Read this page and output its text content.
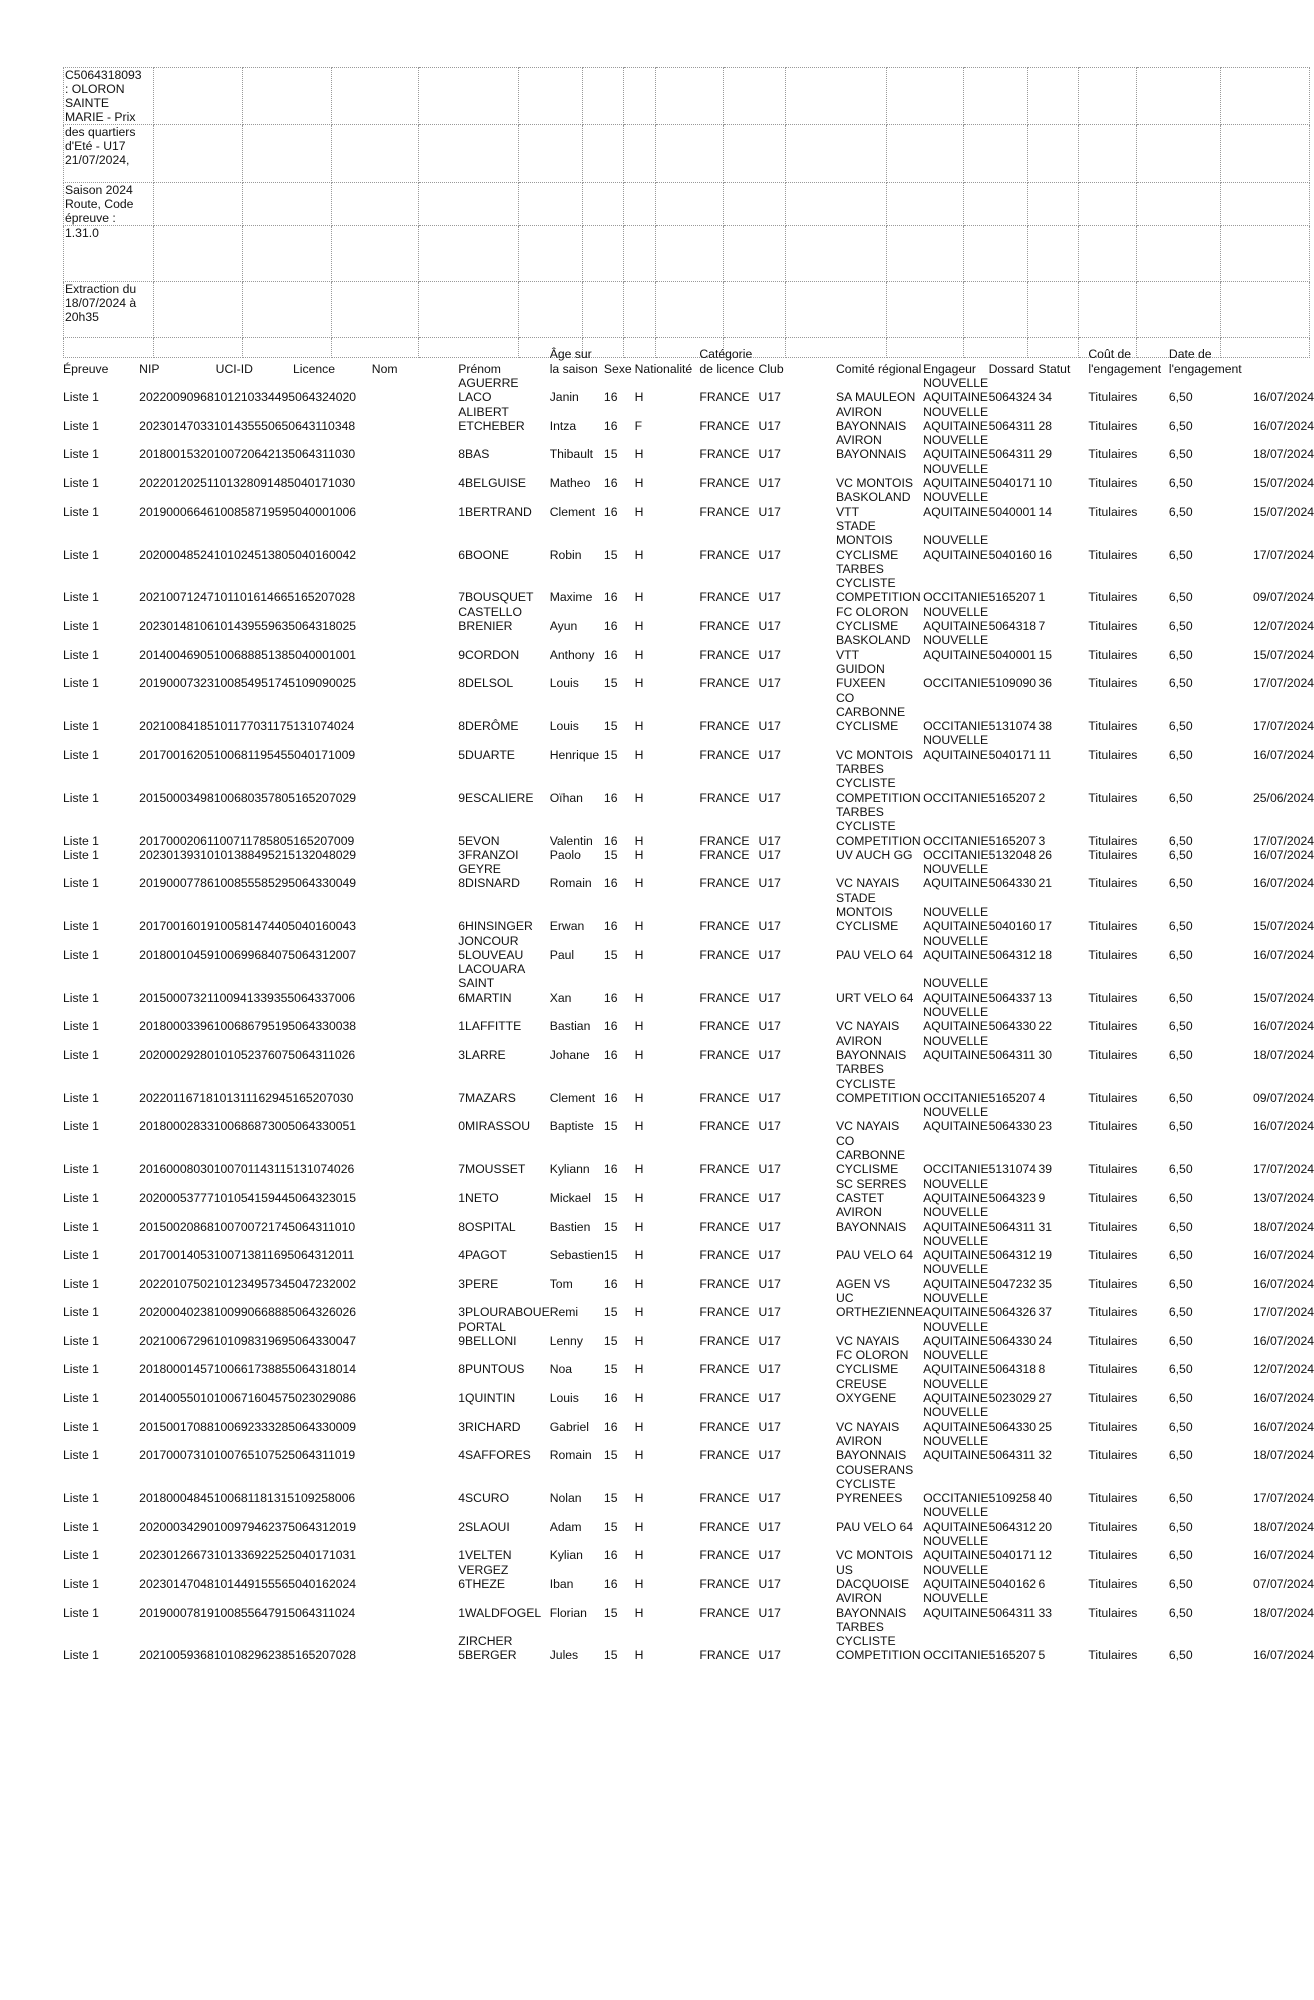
C5064318093
: OLORON
SAINTE
MARIE - Prix																

des quartiers
d'Eté - U17
21/07/2024,																

Saison 2024
Route, Code
épreuve :																

1.31.0																

Extraction du
18/07/2024 à
20h35																

Épreuve	NIP	UCI-ID	Licence	Nom	Prénom	Âge sur la saison	Sexe	Nationalité	Catégorie de licence	Club	Comité régional	Engageur	Dossard	Statut	Coût de l'engagement	Date de l'engagement	
Liste 1	20220090968101210334495064324020				AGUERRE LACO	Janin	16	H	FRANCE	U17	SA MAULEON	NOUVELLE AQUITAINE	5064324	34	Titulaires	6,50	16/07/2024
Liste 1	20230147033101435550650643110348				ALIBERT ETCHEBER	Intza	16	F	FRANCE	U17	AVIRON BAYONNAIS	NOUVELLE AQUITAINE	5064311	28	Titulaires	6,50	16/07/2024
Liste 1	20180015320100720642135064311030				8BAS	Thibault	15	H	FRANCE	U17	AVIRON BAYONNAIS	NOUVELLE AQUITAINE	5064311	29	Titulaires	6,50	18/07/2024
Liste 1	20220120251101328091485040171030				4BELGUISE	Matheo	16	H	FRANCE	U17	VC MONTOIS	NOUVELLE AQUITAINE	5040171	10	Titulaires	6,50	15/07/2024
Liste 1	20190006646100858719595040001006				1BERTRAND	Clement	16	H	FRANCE	U17	BASKOLAND VTT	NOUVELLE AQUITAINE	5040001	14	Titulaires	6,50	15/07/2024
Liste 1	20200048524101024513805040160042				6BOONE	Robin	15	H	FRANCE	U17	STADE MONTOIS CYCLISME	NOUVELLE AQUITAINE	5040160	16	Titulaires	6,50	17/07/2024
Liste 1	20210071247101101614665165207028				7BOUSQUET	Maxime	16	H	FRANCE	U17	TARBES CYCLISTE COMPETITION	OCCITANIE	5165207	1	Titulaires	6,50	09/07/2024
Liste 1	20230148106101439559635064318025				CASTELLO BRENIER	Ayun	16	H	FRANCE	U17	FC OLORON CYCLISME	NOUVELLE AQUITAINE	5064318	7	Titulaires	6,50	12/07/2024
Liste 1	20140046905100688851385040001001				9CORDON	Anthony	16	H	FRANCE	U17	BASKOLAND VTT	NOUVELLE AQUITAINE	5040001	15	Titulaires	6,50	15/07/2024
Liste 1	20190007323100854951745109090025				8DELSOL	Louis	15	H	FRANCE	U17	GUIDON FUXEEN	OCCITANIE	5109090	36	Titulaires	6,50	17/07/2024
Liste 1	20210084185101177031175131074024				8DERÔME	Louis	15	H	FRANCE	U17	CO CARBONNE CYCLISME	OCCITANIE	5131074	38	Titulaires	6,50	17/07/2024
Liste 1	20170016205100681195455040171009				5DUARTE	Henrique	15	H	FRANCE	U17	VC MONTOIS	NOUVELLE AQUITAINE	5040171	11	Titulaires	6,50	16/07/2024
Liste 1	20150003498100680357805165207029				9ESCALIERE	Oïhan	16	H	FRANCE	U17	TARBES CYCLISTE COMPETITION	OCCITANIE	5165207	2	Titulaires	6,50	25/06/2024
Liste 1	20170002061100711785805165207009				5EVON	Valentin	16	H	FRANCE	U17	TARBES CYCLISTE COMPETITION	OCCITANIE	5165207	3	Titulaires	6,50	17/07/2024
Liste 1	20230139310101388495215132048029				3FRANZOI	Paolo	15	H	FRANCE	U17	UV AUCH GG	OCCITANIE	5132048	26	Titulaires	6,50	16/07/2024
Liste 1	20190007786100855585295064330049				GEYRE 8DISNARD	Romain	16	H	FRANCE	U17	VC NAYAIS	NOUVELLE AQUITAINE	5064330	21	Titulaires	6,50	16/07/2024
Liste 1	20170016019100581474405040160043				6HINSINGER	Erwan	16	H	FRANCE	U17	STADE MONTOIS CYCLISME	NOUVELLE AQUITAINE	5040160	17	Titulaires	6,50	15/07/2024
Liste 1	20180010459100699684075064312007				JONCOUR 5LOUVEAU	Paul	15	H	FRANCE	U17	PAU VELO 64	NOUVELLE AQUITAINE	5064312	18	Titulaires	6,50	16/07/2024
Liste 1	20150007321100941339355064337006				LACOUARA SAINT 6MARTIN	Xan	16	H	FRANCE	U17	URT VELO 64	NOUVELLE AQUITAINE	5064337	13	Titulaires	6,50	15/07/2024
Liste 1	20180003396100686795195064330038				1LAFFITTE	Bastian	16	H	FRANCE	U17	VC NAYAIS	NOUVELLE AQUITAINE	5064330	22	Titulaires	6,50	16/07/2024
Liste 1	20200029280101052376075064311026				3LARRE	Johane	16	H	FRANCE	U17	AVIRON BAYONNAIS	NOUVELLE AQUITAINE	5064311	30	Titulaires	6,50	18/07/2024
Liste 1	20220116718101311162945165207030				7MAZARS	Clement	16	H	FRANCE	U17	TARBES CYCLISTE COMPETITION	OCCITANIE	5165207	4	Titulaires	6,50	09/07/2024
Liste 1	20180002833100686873005064330051				0MIRASSOU	Baptiste	15	H	FRANCE	U17	VC NAYAIS	NOUVELLE AQUITAINE	5064330	23	Titulaires	6,50	16/07/2024
Liste 1	20160008030100701143115131074026				7MOUSSET	Kyliann	16	H	FRANCE	U17	CO CARBONNE CYCLISME	OCCITANIE	5131074	39	Titulaires	6,50	17/07/2024
Liste 1	20200053777101054159445064323015				1NETO	Mickael	15	H	FRANCE	U17	SC SERRES CASTET	NOUVELLE AQUITAINE	5064323	9	Titulaires	6,50	13/07/2024
Liste 1	20150020868100700721745064311010				8OSPITAL	Bastien	15	H	FRANCE	U17	AVIRON BAYONNAIS	NOUVELLE AQUITAINE	5064311	31	Titulaires	6,50	18/07/2024
Liste 1	20170014053100713811695064312011				4PAGOT	Sebastien	15	H	FRANCE	U17	PAU VELO 64	NOUVELLE AQUITAINE	5064312	19	Titulaires	6,50	16/07/2024
Liste 1	20220107502101234957345047232002				3PERE	Tom	16	H	FRANCE	U17	AGEN VS	NOUVELLE AQUITAINE	5047232	35	Titulaires	6,50	16/07/2024
Liste 1	20200040238100990668885064326026				3PLOURABOUE	Remi	15	H	FRANCE	U17	UC ORTHEZIENNE	NOUVELLE AQUITAINE	5064326	37	Titulaires	6,50	17/07/2024
Liste 1	20210067296101098319695064330047				PORTAL 9BELLONI	Lenny	15	H	FRANCE	U17	VC NAYAIS	NOUVELLE AQUITAINE	5064330	24	Titulaires	6,50	16/07/2024
Liste 1	20180001457100661738855064318014				8PUNTOUS	Noa	15	H	FRANCE	U17	FC OLORON CYCLISME	NOUVELLE AQUITAINE	5064318	8	Titulaires	6,50	12/07/2024
Liste 1	20140055010100671604575023029086				1QUINTIN	Louis	16	H	FRANCE	U17	CREUSE OXYGENE	NOUVELLE AQUITAINE	5023029	27	Titulaires	6,50	16/07/2024
Liste 1	20150017088100692333285064330009				3RICHARD	Gabriel	16	H	FRANCE	U17	VC NAYAIS	NOUVELLE AQUITAINE	5064330	25	Titulaires	6,50	16/07/2024
Liste 1	20170007310100765107525064311019				4SAFFORES	Romain	15	H	FRANCE	U17	AVIRON BAYONNAIS	NOUVELLE AQUITAINE	5064311	32	Titulaires	6,50	18/07/2024
Liste 1	20180004845100681181315109258006				4SCURO	Nolan	15	H	FRANCE	U17	COUSERANS CYCLISTE PYRENEES	OCCITANIE	5109258	40	Titulaires	6,50	17/07/2024
Liste 1	20200034290100979462375064312019				2SLAOUI	Adam	15	H	FRANCE	U17	PAU VELO 64	NOUVELLE AQUITAINE	5064312	20	Titulaires	6,50	18/07/2024
Liste 1	20230126673101336922525040171031				1VELTEN	Kylian	16	H	FRANCE	U17	VC MONTOIS	NOUVELLE AQUITAINE	5040171	12	Titulaires	6,50	16/07/2024
Liste 1	20230147048101449155565040162024				VERGEZ 6THEZE	Iban	16	H	FRANCE	U17	US DACQUOISE	NOUVELLE AQUITAINE	5040162	6	Titulaires	6,50	07/07/2024
Liste 1	20190007819100855647915064311024				1WALDFOGEL	Florian	15	H	FRANCE	U17	AVIRON BAYONNAIS	NOUVELLE AQUITAINE	5064311	33	Titulaires	6,50	18/07/2024
Liste 1	20210059368101082962385165207028				ZIRCHER 5BERGER	Jules	15	H	FRANCE	U17	TARBES CYCLISTE COMPETITION	OCCITANIE	5165207	5	Titulaires	6,50	16/07/2024
